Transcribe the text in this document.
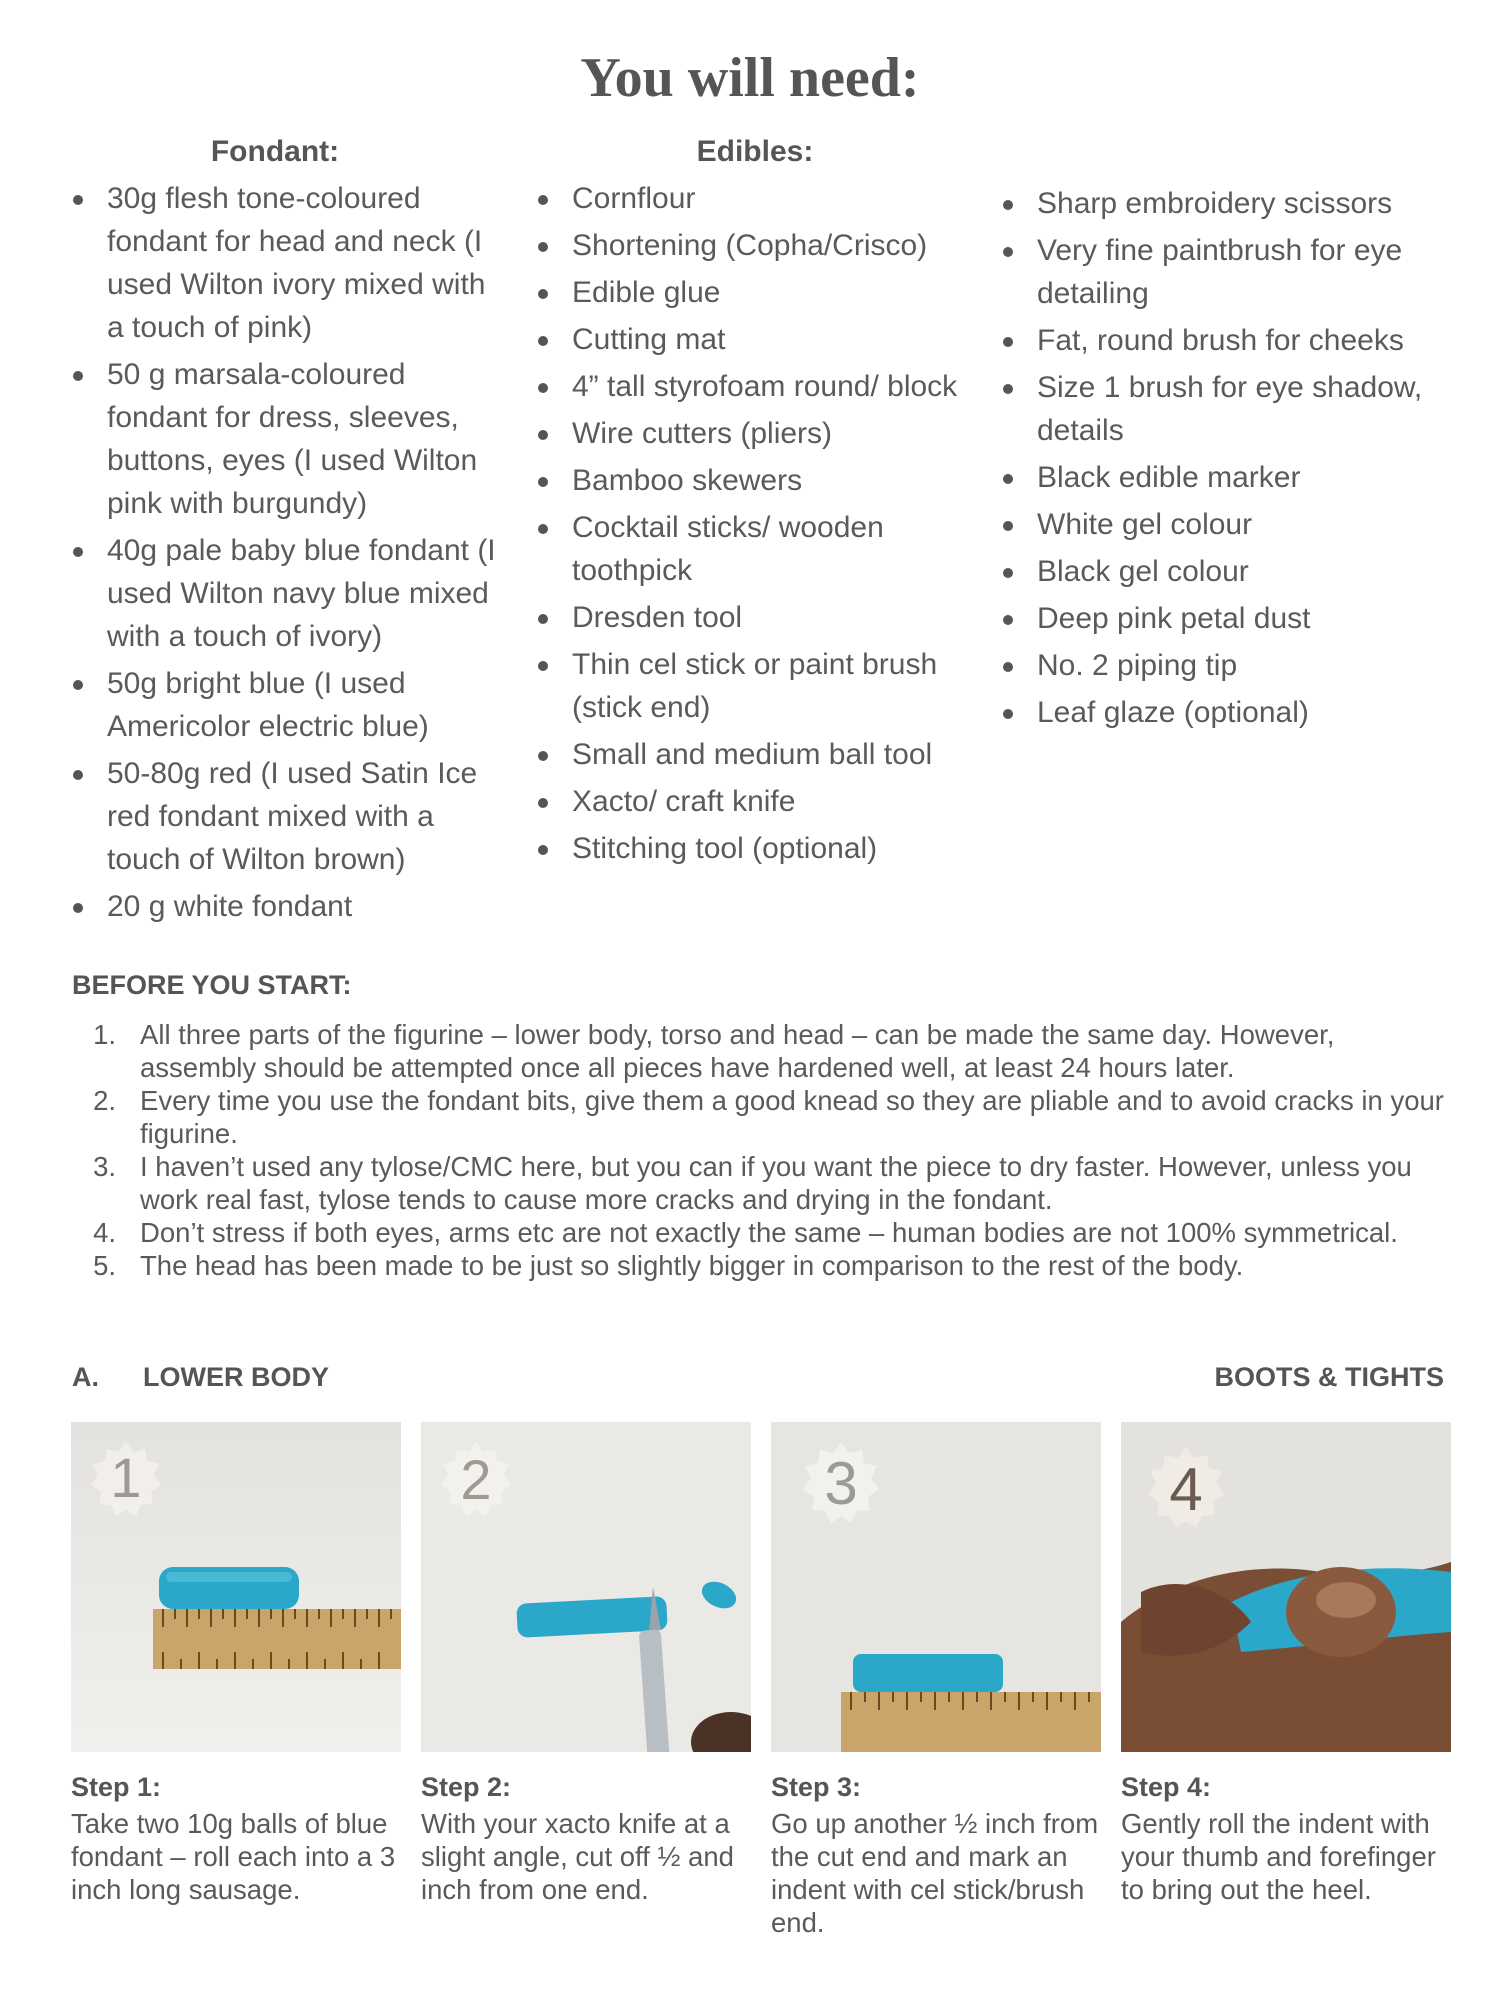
You will need:
Fondant:
30g flesh tone-coloured fondant for head and neck (I used Wilton ivory mixed with a touch of pink)
50 g marsala-coloured fondant for dress, sleeves, buttons, eyes (I used Wilton pink with burgundy)
40g pale baby blue fondant (I used Wilton navy blue mixed with a touch of ivory)
50g bright blue (I used Americolor electric blue)
50-80g red (I used Satin Ice red fondant mixed with a touch of Wilton brown)
20 g white fondant
Edibles:
Cornflour
Shortening (Copha/Crisco)
Edible glue
Cutting mat
4” tall styrofoam round/ block
Wire cutters (pliers)
Bamboo skewers
Cocktail sticks/ wooden toothpick
Dresden tool
Thin cel stick or paint brush (stick end)
Small and medium ball tool
Xacto/ craft knife
Stitching tool (optional)
Sharp embroidery scissors
Very fine paintbrush for eye detailing
Fat, round brush for cheeks
Size 1 brush for eye shadow, details
Black edible marker
White gel colour
Black gel colour
Deep pink petal dust
No. 2 piping tip
Leaf glaze (optional)
BEFORE YOU START:
1. All three parts of the figurine – lower body, torso and head – can be made the same day. However, assembly should be attempted once all pieces have hardened well, at least 24 hours later.
2. Every time you use the fondant bits, give them a good knead so they are pliable and to avoid cracks in your figurine.
3. I haven’t used any tylose/CMC here, but you can if you want the piece to dry faster. However, unless you work real fast, tylose tends to cause more cracks and drying in the fondant.
4. Don’t stress if both eyes, arms etc are not exactly the same – human bodies are not 100% symmetrical.
5. The head has been made to be just so slightly bigger in comparison to the rest of the body.
A. LOWER BODY	BOOTS & TIGHTS
1
Step 1:

Take two 10g balls of blue fondant – roll each into a 3 inch long sausage.

2
Step 2:

With your xacto knife at a slight angle, cut off ½ and inch from one end.

3
Step 3:

Go up another ½ inch from the cut end and mark an indent with cel stick/brush end.

4
Step 4:

Gently roll the indent with your thumb and forefinger to bring out the heel.
